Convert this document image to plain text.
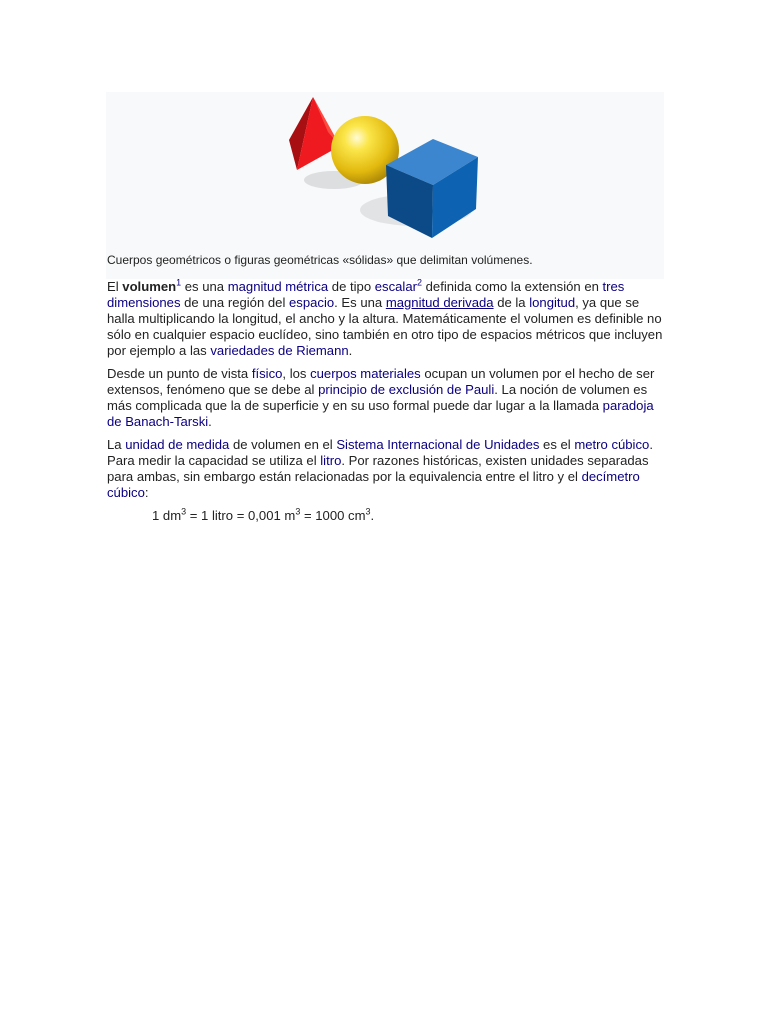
Cuerpos geométricos o figuras geométricas «sólidas» que delimitan volúmenes.

El volumen$^1$ es una magnitud métrica de tipo escalar$^2$ definida como la extensión en tres dimensiones de una región del espacio. Es una magnitud derivada de la longitud, ya que se halla multiplicando la longitud, el ancho y la altura. Matemáticamente el volumen es definible no sólo en cualquier espacio euclídeo, sino también en otro tipo de espacios métricos que incluyen por ejemplo a las variedades de Riemann.

Desde un punto de vista físico, los cuerpos materiales ocupan un volumen por el hecho de ser extensos, fenómeno que se debe al principio de exclusión de Pauli. La noción de volumen es más complicada que la de superficie y en su uso formal puede dar lugar a la llamada paradoja de Banach-Tarski.

La unidad de medida de volumen en el Sistema Internacional de Unidades es el metro cúbico. Para medir la capacidad se utiliza el litro. Por razones históricas, existen unidades separadas para ambas, sin embargo están relacionadas por la equivalencia entre el litro y el decímetro cúbico:

1 $dm^3 = 1$ litro = 0,001 $m^3 = 1000$ $cm^3$.
